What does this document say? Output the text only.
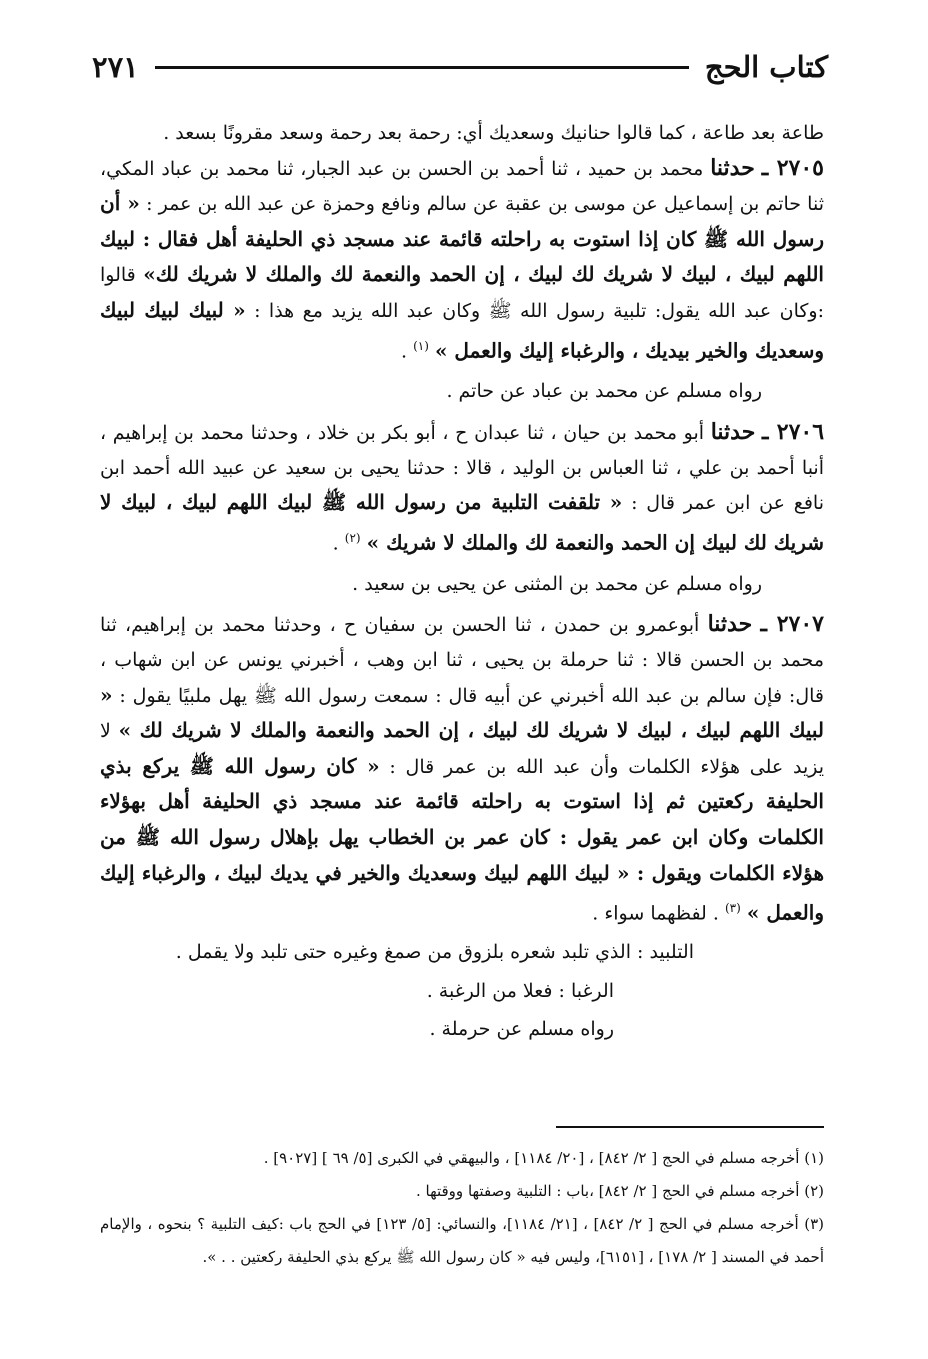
٢٧١	كتاب الحج

طاعة بعد طاعة ، كما قالوا حنانيك وسعديك أي: رحمة بعد رحمة وسعد مقرونًا بسعد .

٢٧٠٥ ـ حدثنا محمد بن حميد ، ثنا أحمد بن الحسن بن عبد الجبار، ثنا محمد بن عباد المكي، ثنا حاتم بن إسماعيل عن موسى بن عقبة عن سالم ونافع وحمزة عن عبد الله بن عمر : « أن رسول الله ﷺ كان إذا استوت به راحلته قائمة عند مسجد ذي الحليفة أهل فقال : لبيك اللهم لبيك ، لبيك لا شريك لك لبيك ، إن الحمد والنعمة لك والملك لا شريك لك» قالوا :وكان عبد الله يقول: تلبية رسول الله ﷺ وكان عبد الله يزيد مع هذا : « لبيك لبيك لبيك وسعديك والخير بيديك ، والرغباء إليك والعمل » $^{(١)}$ .

رواه مسلم عن محمد بن عباد عن حاتم .

٢٧٠٦ ـ حدثنا أبو محمد بن حيان ، ثنا عبدان ح ، أبو بكر بن خلاد ، وحدثنا محمد بن إبراهيم ، أنبا أحمد بن علي ، ثنا العباس بن الوليد ، قالا : حدثنا يحيى بن سعيد عن عبيد الله أحمد ابن نافع عن ابن عمر قال : « تلقفت التلبية من رسول الله ﷺ لبيك اللهم لبيك ، لبيك لا شريك لك لبيك إن الحمد والنعمة لك والملك لا شريك » $^{(٢)}$ .

رواه مسلم عن محمد بن المثنى عن يحيى بن سعيد .

٢٧٠٧ ـ حدثنا أبوعمرو بن حمدن ، ثنا الحسن بن سفيان ح ، وحدثنا محمد بن إبراهيم، ثنا محمد بن الحسن قالا : ثنا حرملة بن يحيى ، ثنا ابن وهب ، أخبرني يونس عن ابن شهاب ، قال: فإن سالم بن عبد الله أخبرني عن أبيه قال : سمعت رسول الله ﷺ يهل ملبيًا يقول : « لبيك اللهم لبيك ، لبيك لا شريك لك لبيك ، إن الحمد والنعمة والملك لا شريك لك » لا يزيد على هؤلاء الكلمات وأن عبد الله بن عمر قال : « كان رسول الله ﷺ يركع بذي الحليفة ركعتين ثم إذا استوت به راحلته قائمة عند مسجد ذي الحليفة أهل بهؤلاء الكلمات وكان ابن عمر يقول : كان عمر بن الخطاب يهل بإهلال رسول الله ﷺ من هؤلاء الكلمات ويقول : « لبيك اللهم لبيك وسعديك والخير في يديك لبيك ، والرغباء إليك والعمل » $^{(٣)}$ . لفظهما سواء .

التلبيد : الذي تلبد شعره بلزوق من صمغ وغيره حتى تلبد ولا يقمل .

الرغبا : فعلا من الرغبة .

رواه مسلم عن حرملة .

(١) أخرجه مسلم في الحج [ ٢/ ٨٤٢] ، [٢٠/ ١١٨٤] ، والبيهقي في الكبرى [٥/ ٦٩ ] [٩٠٢٧] .

(٢) أخرجه مسلم في الحج [ ٢/ ٨٤٢] ،باب : التلبية وصفتها ووقتها .

(٣) أخرجه مسلم في الحج [ ٢/ ٨٤٢] ، [٢١/ ١١٨٤]، والنسائي: [٥/ ١٢٣] في الحج باب :كيف التلبية ؟ بنحوه ، والإمام أحمد في المسند [ ٢/ ١٧٨] ، [٦١٥١]، وليس فيه « كان رسول الله ﷺ يركع بذي الحليفة ركعتين . . ».
